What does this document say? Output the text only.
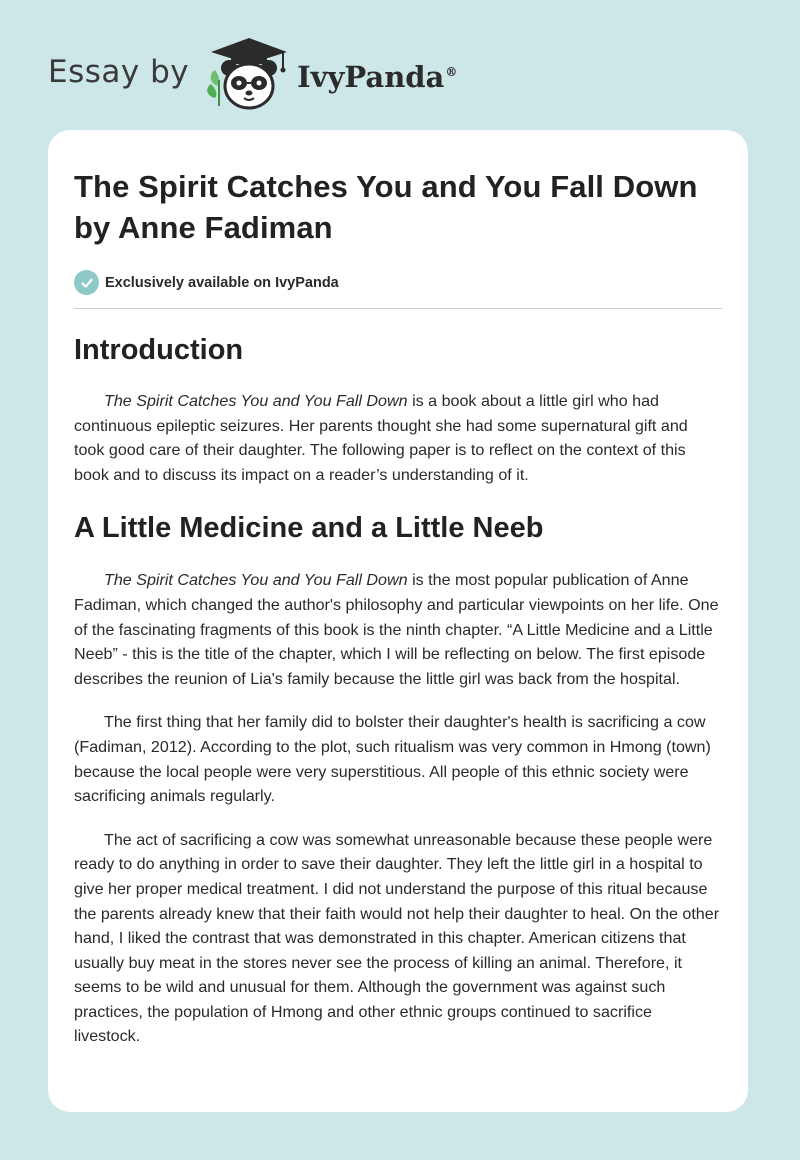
Essay by	IvyPanda®
The Spirit Catches You and You Fall Down by Anne Fadiman
Exclusively available on IvyPanda
Introduction

The Spirit Catches You and You Fall Down is a book about a little girl who had continuous epileptic seizures. Her parents thought she had some supernatural gift and took good care of their daughter. The following paper is to reflect on the context of this book and to discuss its impact on a reader’s understanding of it.

A Little Medicine and a Little Neeb

The Spirit Catches You and You Fall Down is the most popular publication of Anne Fadiman, which changed the author's philosophy and particular viewpoints on her life. One of the fascinating fragments of this book is the ninth chapter. “A Little Medicine and a Little Neeb” - this is the title of the chapter, which I will be reflecting on below. The first episode describes the reunion of Lia's family because the little girl was back from the hospital.

The first thing that her family did to bolster their daughter's health is sacrificing a cow (Fadiman, 2012). According to the plot, such ritualism was very common in Hmong (town) because the local people were very superstitious. All people of this ethnic society were sacrificing animals regularly.

The act of sacrificing a cow was somewhat unreasonable because these people were ready to do anything in order to save their daughter. They left the little girl in a hospital to give her proper medical treatment. I did not understand the purpose of this ritual because the parents already knew that their faith would not help their daughter to heal. On the other hand, I liked the contrast that was demonstrated in this chapter. American citizens that usually buy meat in the stores never see the process of killing an animal. Therefore, it seems to be wild and unusual for them. Although the government was against such practices, the population of Hmong and other ethnic groups continued to sacrifice livestock.
